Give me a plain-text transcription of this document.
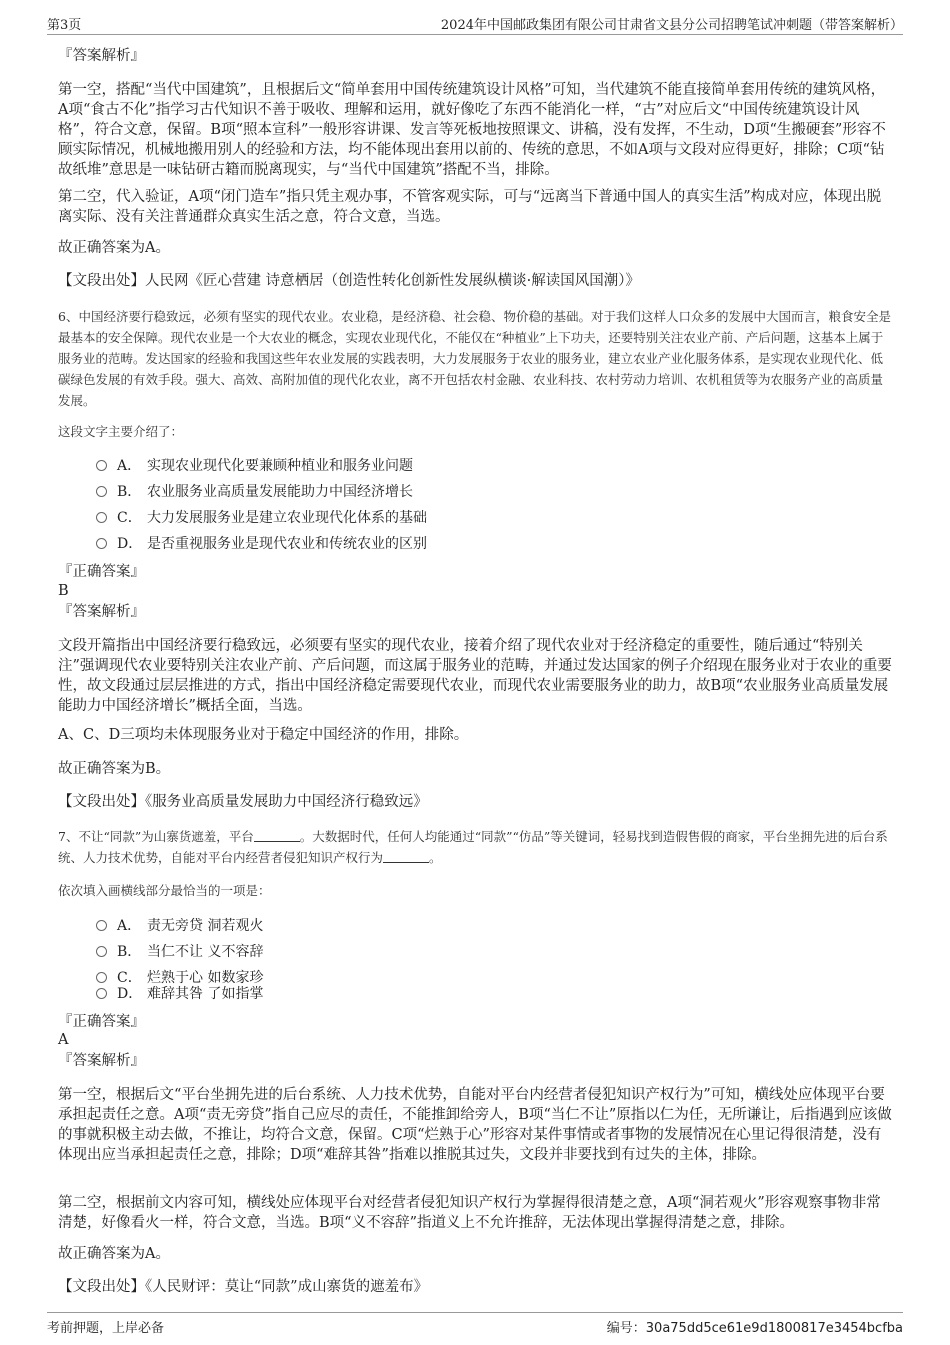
第3页	2024年中国邮政集团有限公司甘肃省文县分公司招聘笔试冲刺题（带答案解析）
『答案解析』
第一空，搭配“当代中国建筑”，且根据后文“简单套用中国传统建筑设计风格”可知，当代建筑不能直接简单套用传统的建筑风格，A项“食古不化”指学习古代知识不善于吸收、理解和运用，就好像吃了东西不能消化一样，“古”对应后文“中国传统建筑设计风格”，符合文意，保留。B项“照本宣科”一般形容讲课、发言等死板地按照课文、讲稿，没有发挥，不生动，D项“生搬硬套”形容不顾实际情况，机械地搬用别人的经验和方法，均不能体现出套用以前的、传统的意思，不如A项与文段对应得更好，排除；C项“钻故纸堆”意思是一味钻研古籍而脱离现实，与“当代中国建筑”搭配不当，排除。
第二空，代入验证，A项“闭门造车”指只凭主观办事，不管客观实际，可与“远离当下普通中国人的真实生活”构成对应，体现出脱离实际、没有关注普通群众真实生活之意，符合文意，当选。
故正确答案为A。
【文段出处】人民网《匠心营建 诗意栖居（创造性转化创新性发展纵横谈·解读国风国潮）》
6、中国经济要行稳致远，必须有坚实的现代农业。农业稳，是经济稳、社会稳、物价稳的基础。对于我们这样人口众多的发展中大国而言，粮食安全是最基本的安全保障。现代农业是一个大农业的概念，实现农业现代化，不能仅在“种植业”上下功夫，还要特别关注农业产前、产后问题，这基本上属于服务业的范畴。发达国家的经验和我国这些年农业发展的实践表明，大力发展服务于农业的服务业，建立农业产业化服务体系，是实现农业现代化、低碳绿色发展的有效手段。强大、高效、高附加值的现代化农业，离不开包括农村金融、农业科技、农村劳动力培训、农机租赁等为农服务产业的高质量发展。
这段文字主要介绍了：
A． 实现农业现代化要兼顾种植业和服务业问题
B． 农业服务业高质量发展能助力中国经济增长
C． 大力发展服务业是建立农业现代化体系的基础
D． 是否重视服务业是现代农业和传统农业的区别
『正确答案』
B
『答案解析』
文段开篇指出中国经济要行稳致远，必须要有坚实的现代农业，接着介绍了现代农业对于经济稳定的重要性，随后通过“特别关注”强调现代农业要特别关注农业产前、产后问题，而这属于服务业的范畴，并通过发达国家的例子介绍现在服务业对于农业的重要性，故文段通过层层推进的方式，指出中国经济稳定需要现代农业，而现代农业需要服务业的助力，故B项“农业服务业高质量发展能助力中国经济增长”概括全面，当选。
A、C、D三项均未体现服务业对于稳定中国经济的作用，排除。
故正确答案为B。
【文段出处】《服务业高质量发展助力中国经济行稳致远》
7、不让“同款”为山寨货遮羞，平台	。大数据时代，任何人均能通过“同款”“仿品”等关键词，轻易找到造假售假的商家，平台坐拥先进的后台系统、人力技术优势，自能对平台内经营者侵犯知识产权行为	。
依次填入画横线部分最恰当的一项是：
A． 责无旁贷 洞若观火
B． 当仁不让 义不容辞
C． 烂熟于心 如数家珍
D． 难辞其咎 了如指掌
『正确答案』
A
『答案解析』
第一空，根据后文“平台坐拥先进的后台系统、人力技术优势，自能对平台内经营者侵犯知识产权行为”可知，横线处应体现平台要承担起责任之意。A项“责无旁贷”指自己应尽的责任，不能推卸给旁人，B项“当仁不让”原指以仁为任，无所谦让，后指遇到应该做的事就积极主动去做，不推让，均符合文意，保留。C项“烂熟于心”形容对某件事情或者事物的发展情况在心里记得很清楚，没有体现出应当承担起责任之意，排除；D项“难辞其咎”指难以推脱其过失，文段并非要找到有过失的主体，排除。
第二空，根据前文内容可知，横线处应体现平台对经营者侵犯知识产权行为掌握得很清楚之意，A项“洞若观火”形容观察事物非常清楚，好像看火一样，符合文意，当选。B项“义不容辞”指道义上不允许推辞，无法体现出掌握得清楚之意，排除。
故正确答案为A。
【文段出处】《人民财评：莫让“同款”成山寨货的遮羞布》
考前押题，上岸必备	编号：30a75dd5ce61e9d1800817e3454bcfba
